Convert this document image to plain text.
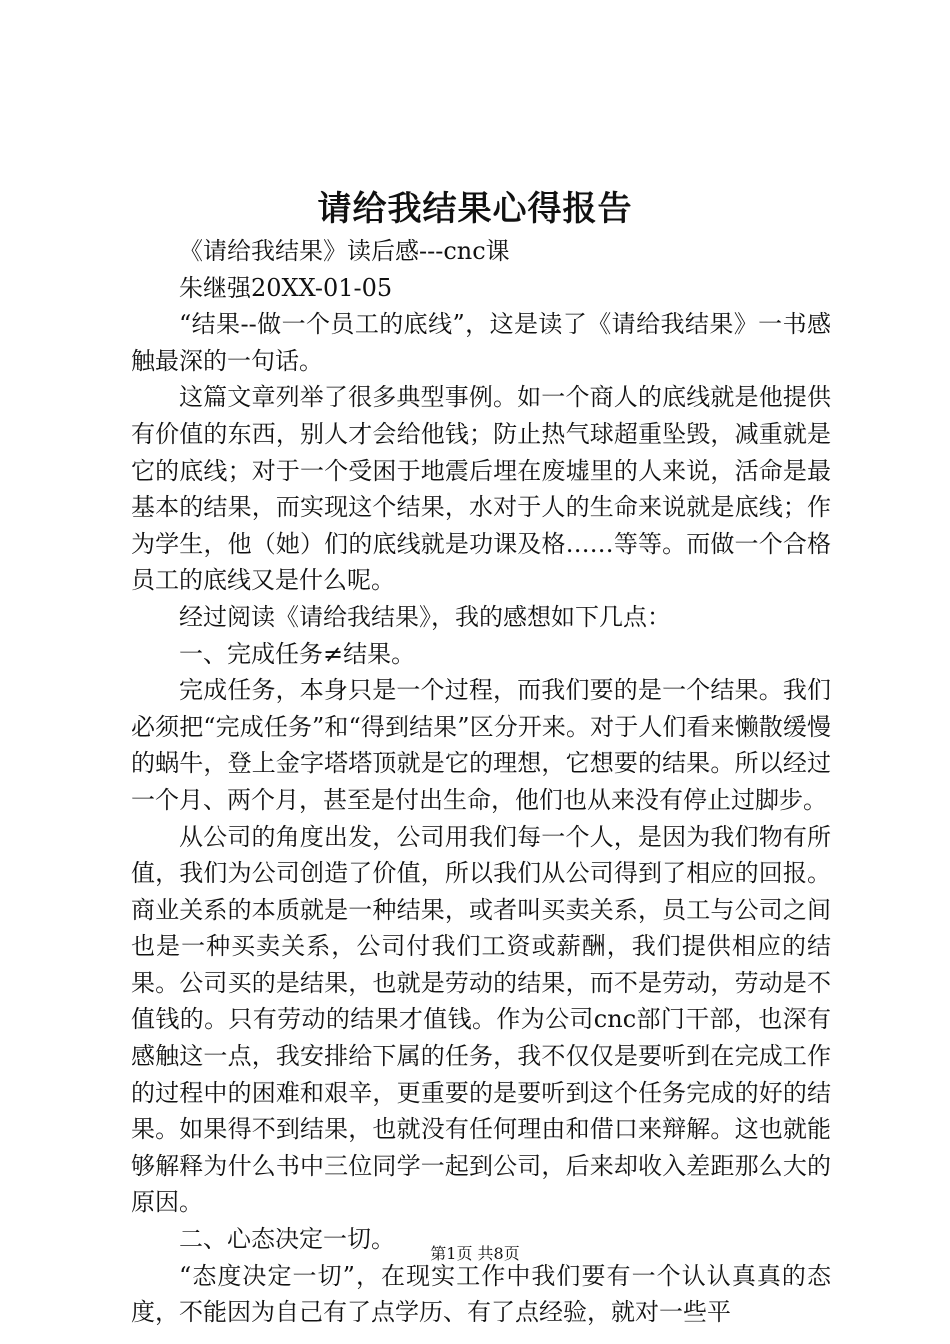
请给我结果心得报告

《请给我结果》读后感---cnc课

朱继强20XX-01-05

“结果--做一个员工的底线”，这是读了《请给我结果》一书感触最深的一句话。

这篇文章列举了很多典型事例。如一个商人的底线就是他提供有价值的东西，别人才会给他钱；防止热气球超重坠毁，减重就是它的底线；对于一个受困于地震后埋在废墟里的人来说，活命是最基本的结果，而实现这个结果，水对于人的生命来说就是底线；作为学生，他（她）们的底线就是功课及格……等等。而做一个合格员工的底线又是什么呢。

经过阅读《请给我结果》，我的感想如下几点：

一、完成任务≠结果。

完成任务，本身只是一个过程，而我们要的是一个结果。我们必须把“完成任务”和“得到结果”区分开来。对于人们看来懒散缓慢的蜗牛，登上金字塔塔顶就是它的理想，它想要的结果。所以经过一个月、两个月，甚至是付出生命，他们也从来没有停止过脚步。

从公司的角度出发，公司用我们每一个人，是因为我们物有所值，我们为公司创造了价值，所以我们从公司得到了相应的回报。商业关系的本质就是一种结果，或者叫买卖关系，员工与公司之间也是一种买卖关系，公司付我们工资或薪酬，我们提供相应的结果。公司买的是结果，也就是劳动的结果，而不是劳动，劳动是不值钱的。只有劳动的结果才值钱。作为公司cnc部门干部，也深有感触这一点，我安排给下属的任务，我不仅仅是要听到在完成工作的过程中的困难和艰辛，更重要的是要听到这个任务完成的好的结果。如果得不到结果，也就没有任何理由和借口来辩解。这也就能够解释为什么书中三位同学一起到公司，后来却收入差距那么大的原因。

二、心态决定一切。

“态度决定一切”，在现实工作中我们要有一个认认真真的态度，不能因为自己有了点学历、有了点经验，就对一些平

第1页 共8页
